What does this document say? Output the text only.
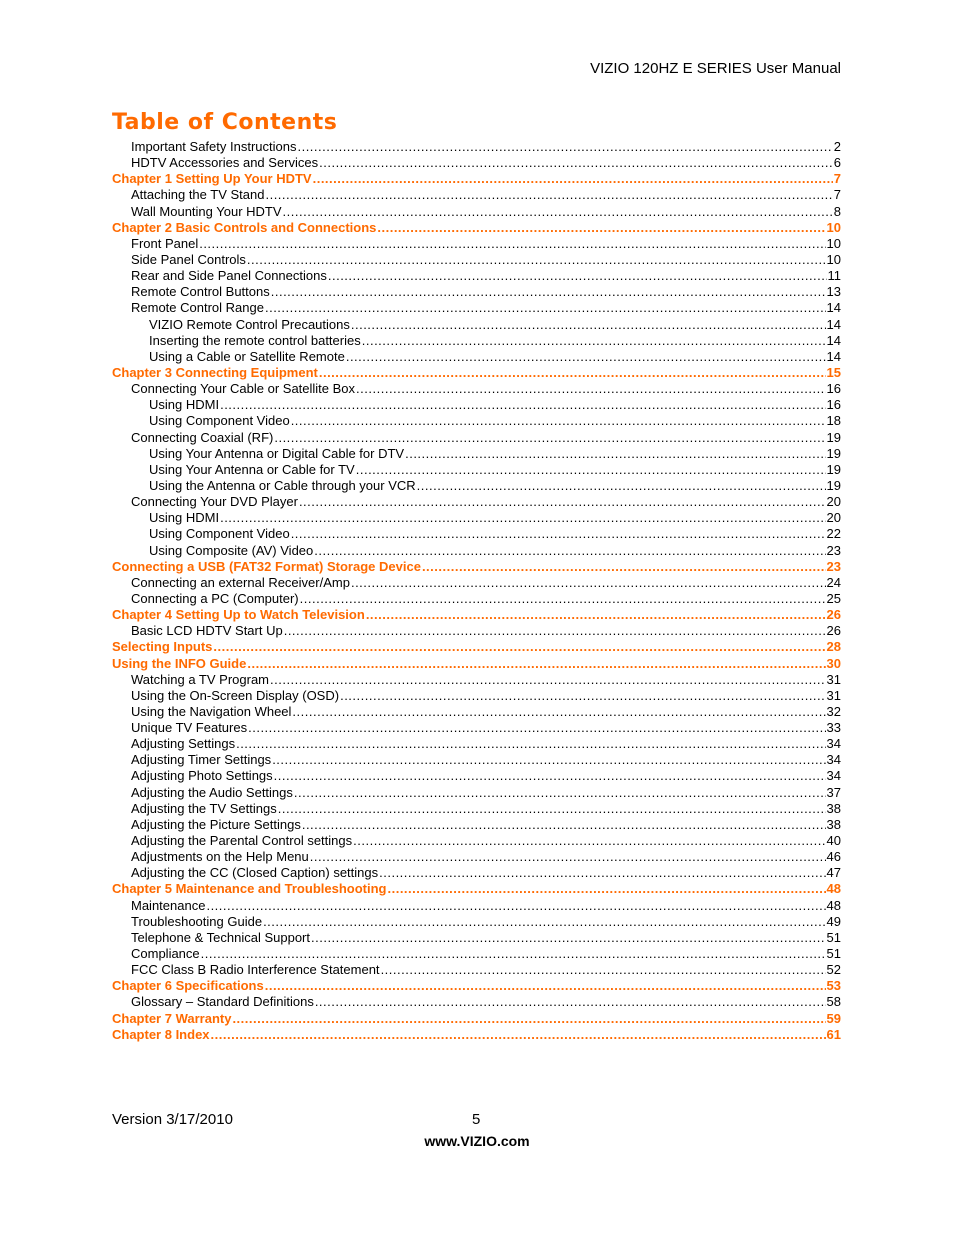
VIZIO 120HZ E SERIES User Manual
Table of Contents
Important Safety Instructions .....	2
HDTV Accessories and Services .....	6
Chapter 1 Setting Up Your HDTV .....	7
Attaching the TV Stand .....	7
Wall Mounting Your HDTV .....	8
Chapter 2 Basic Controls and Connections .....	10
Front Panel .....	10
Side Panel Controls .....	10
Rear and Side Panel Connections .....	11
Remote Control Buttons .....	13
Remote Control Range .....	14
VIZIO Remote Control Precautions .....	14
Inserting the remote control batteries .....	14
Using a Cable or Satellite Remote .....	14
Chapter 3 Connecting Equipment .....	15
Connecting Your Cable or Satellite Box .....	16
Using HDMI .....	16
Using Component Video .....	18
Connecting Coaxial (RF) .....	19
Using Your Antenna or Digital Cable for DTV .....	19
Using Your Antenna or Cable for TV .....	19
Using the Antenna or Cable through your VCR .....	19
Connecting Your DVD Player .....	20
Using HDMI .....	20
Using Component Video .....	22
Using Composite (AV) Video .....	23
Connecting a USB (FAT32 Format) Storage Device .....	23
Connecting an external Receiver/Amp .....	24
Connecting a PC (Computer) .....	25
Chapter 4 Setting Up to Watch Television .....	26
Basic LCD HDTV Start Up .....	26
Selecting Inputs .....	28
Using the INFO Guide .....	30
Watching a TV Program .....	31
Using the On-Screen Display (OSD) .....	31
Using the Navigation Wheel .....	32
Unique TV Features .....	33
Adjusting Settings .....	34
Adjusting Timer Settings .....	34
Adjusting Photo Settings .....	34
Adjusting the Audio Settings .....	37
Adjusting the TV Settings .....	38
Adjusting the Picture Settings .....	38
Adjusting the Parental Control settings .....	40
Adjustments on the Help Menu .....	46
Adjusting the CC (Closed Caption) settings .....	47
Chapter 5 Maintenance and Troubleshooting .....	48
Maintenance .....	48
Troubleshooting Guide .....	49
Telephone & Technical Support .....	51
Compliance .....	51
FCC Class B Radio Interference Statement .....	52
Chapter 6 Specifications .....	53
Glossary – Standard Definitions .....	58
Chapter 7 Warranty .....	59
Chapter 8 Index .....	61
Version 3/17/2010	5
www.VIZIO.com
